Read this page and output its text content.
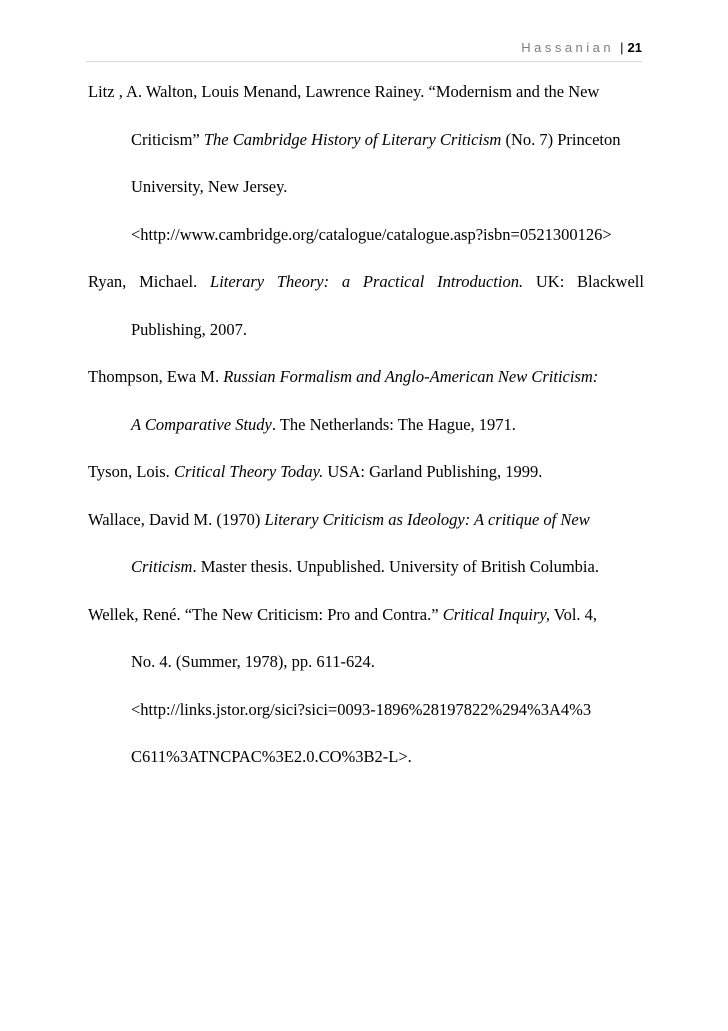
Hassanian | 21
Litz , A. Walton, Louis Menand, Lawrence Rainey. “Modernism and the New
Criticism” The Cambridge History of Literary Criticism (No. 7) Princeton
University, New Jersey.
<http://www.cambridge.org/catalogue/catalogue.asp?isbn=0521300126>
Ryan, Michael. Literary Theory: a Practical Introduction. UK: Blackwell
Publishing, 2007.
Thompson, Ewa M. Russian Formalism and Anglo-American New Criticism:
A Comparative Study. The Netherlands: The Hague, 1971.
Tyson, Lois. Critical Theory Today. USA: Garland Publishing, 1999.
Wallace, David M. (1970) Literary Criticism as Ideology: A critique of New
Criticism. Master thesis. Unpublished. University of British Columbia.
Wellek, René. “The New Criticism: Pro and Contra.” Critical Inquiry, Vol. 4,
No. 4. (Summer, 1978), pp. 611-624.
<http://links.jstor.org/sici?sici=0093-1896%28197822%294%3A4%3
C611%3ATNCPAC%3E2.0.CO%3B2-L>.
